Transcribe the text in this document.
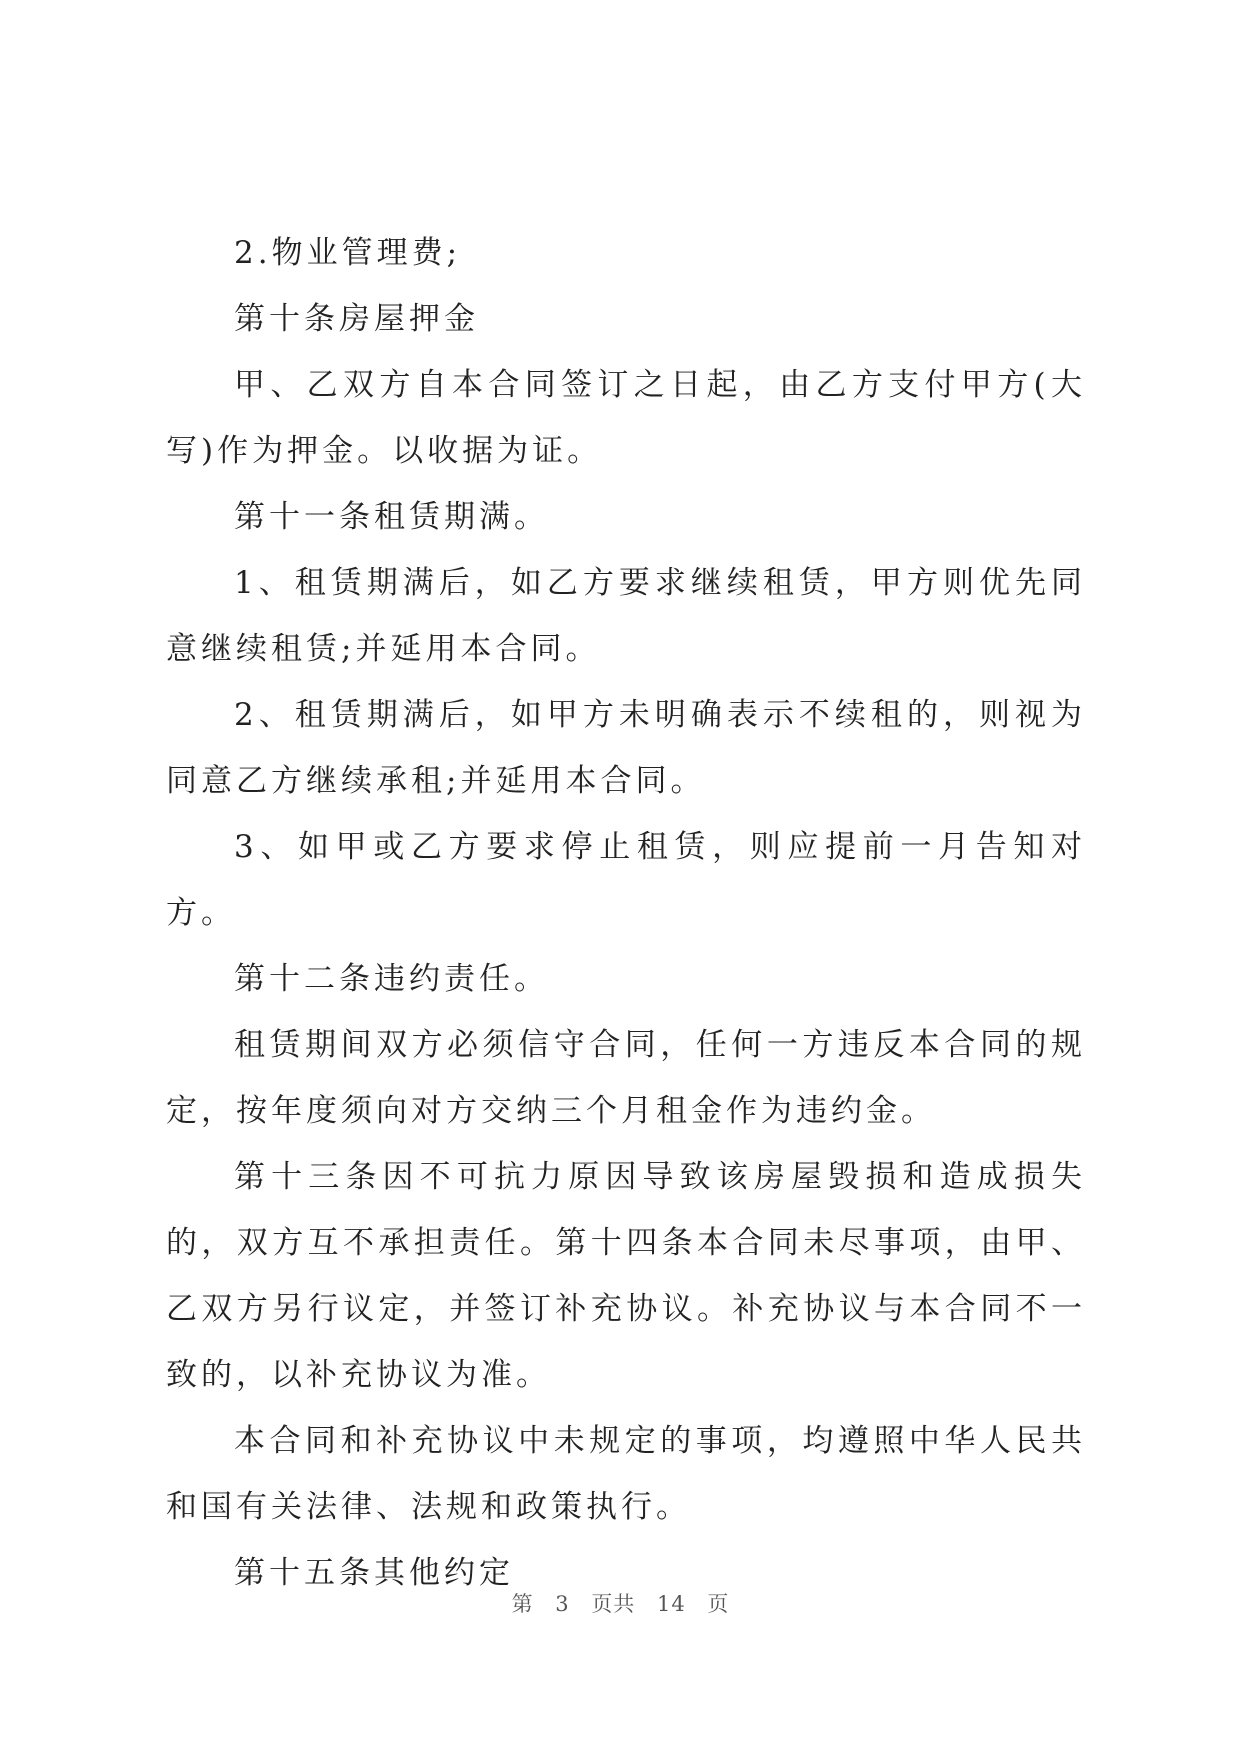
2.物业管理费;

第十条房屋押金

甲、乙双方自本合同签订之日起，由乙方支付甲方(大写)作为押金。以收据为证。

第十一条租赁期满。

1、租赁期满后，如乙方要求继续租赁，甲方则优先同意继续租赁;并延用本合同。

2、租赁期满后，如甲方未明确表示不续租的，则视为同意乙方继续承租;并延用本合同。

3、如甲或乙方要求停止租赁，则应提前一月告知对方。

第十二条违约责任。

租赁期间双方必须信守合同，任何一方违反本合同的规定，按年度须向对方交纳三个月租金作为违约金。

第十三条因不可抗力原因导致该房屋毁损和造成损失的，双方互不承担责任。第十四条本合同未尽事项，由甲、乙双方另行议定，并签订补充协议。补充协议与本合同不一致的，以补充协议为准。

本合同和补充协议中未规定的事项，均遵照中华人民共和国有关法律、法规和政策执行。

第十五条其他约定

第 3 页共 14 页
